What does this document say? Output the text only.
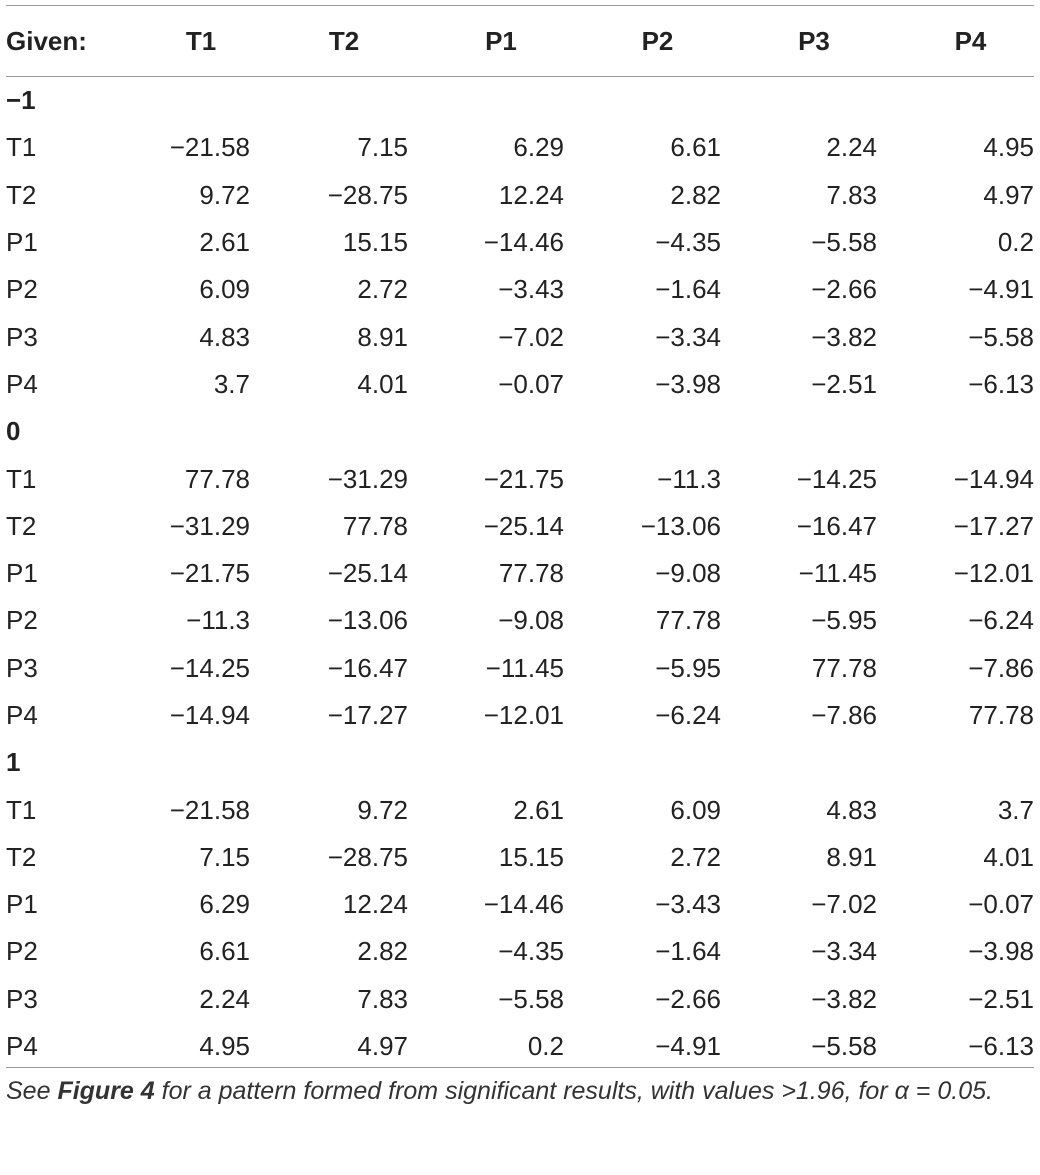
Given:	T1	T2	P1	P2	P3	P4
−1						
T1	−21.58	7.15	6.29	6.61	2.24	4.95
T2	9.72	−28.75	12.24	2.82	7.83	4.97
P1	2.61	15.15	−14.46	−4.35	−5.58	0.2
P2	6.09	2.72	−3.43	−1.64	−2.66	−4.91
P3	4.83	8.91	−7.02	−3.34	−3.82	−5.58
P4	3.7	4.01	−0.07	−3.98	−2.51	−6.13
0						
T1	77.78	−31.29	−21.75	−11.3	−14.25	−14.94
T2	−31.29	77.78	−25.14	−13.06	−16.47	−17.27
P1	−21.75	−25.14	77.78	−9.08	−11.45	−12.01
P2	−11.3	−13.06	−9.08	77.78	−5.95	−6.24
P3	−14.25	−16.47	−11.45	−5.95	77.78	−7.86
P4	−14.94	−17.27	−12.01	−6.24	−7.86	77.78
1						
T1	−21.58	9.72	2.61	6.09	4.83	3.7
T2	7.15	−28.75	15.15	2.72	8.91	4.01
P1	6.29	12.24	−14.46	−3.43	−7.02	−0.07
P2	6.61	2.82	−4.35	−1.64	−3.34	−3.98
P3	2.24	7.83	−5.58	−2.66	−3.82	−2.51
P4	4.95	4.97	0.2	−4.91	−5.58	−6.13
See Figure 4 for a pattern formed from significant results, with values >1.96, for α = 0.05.
